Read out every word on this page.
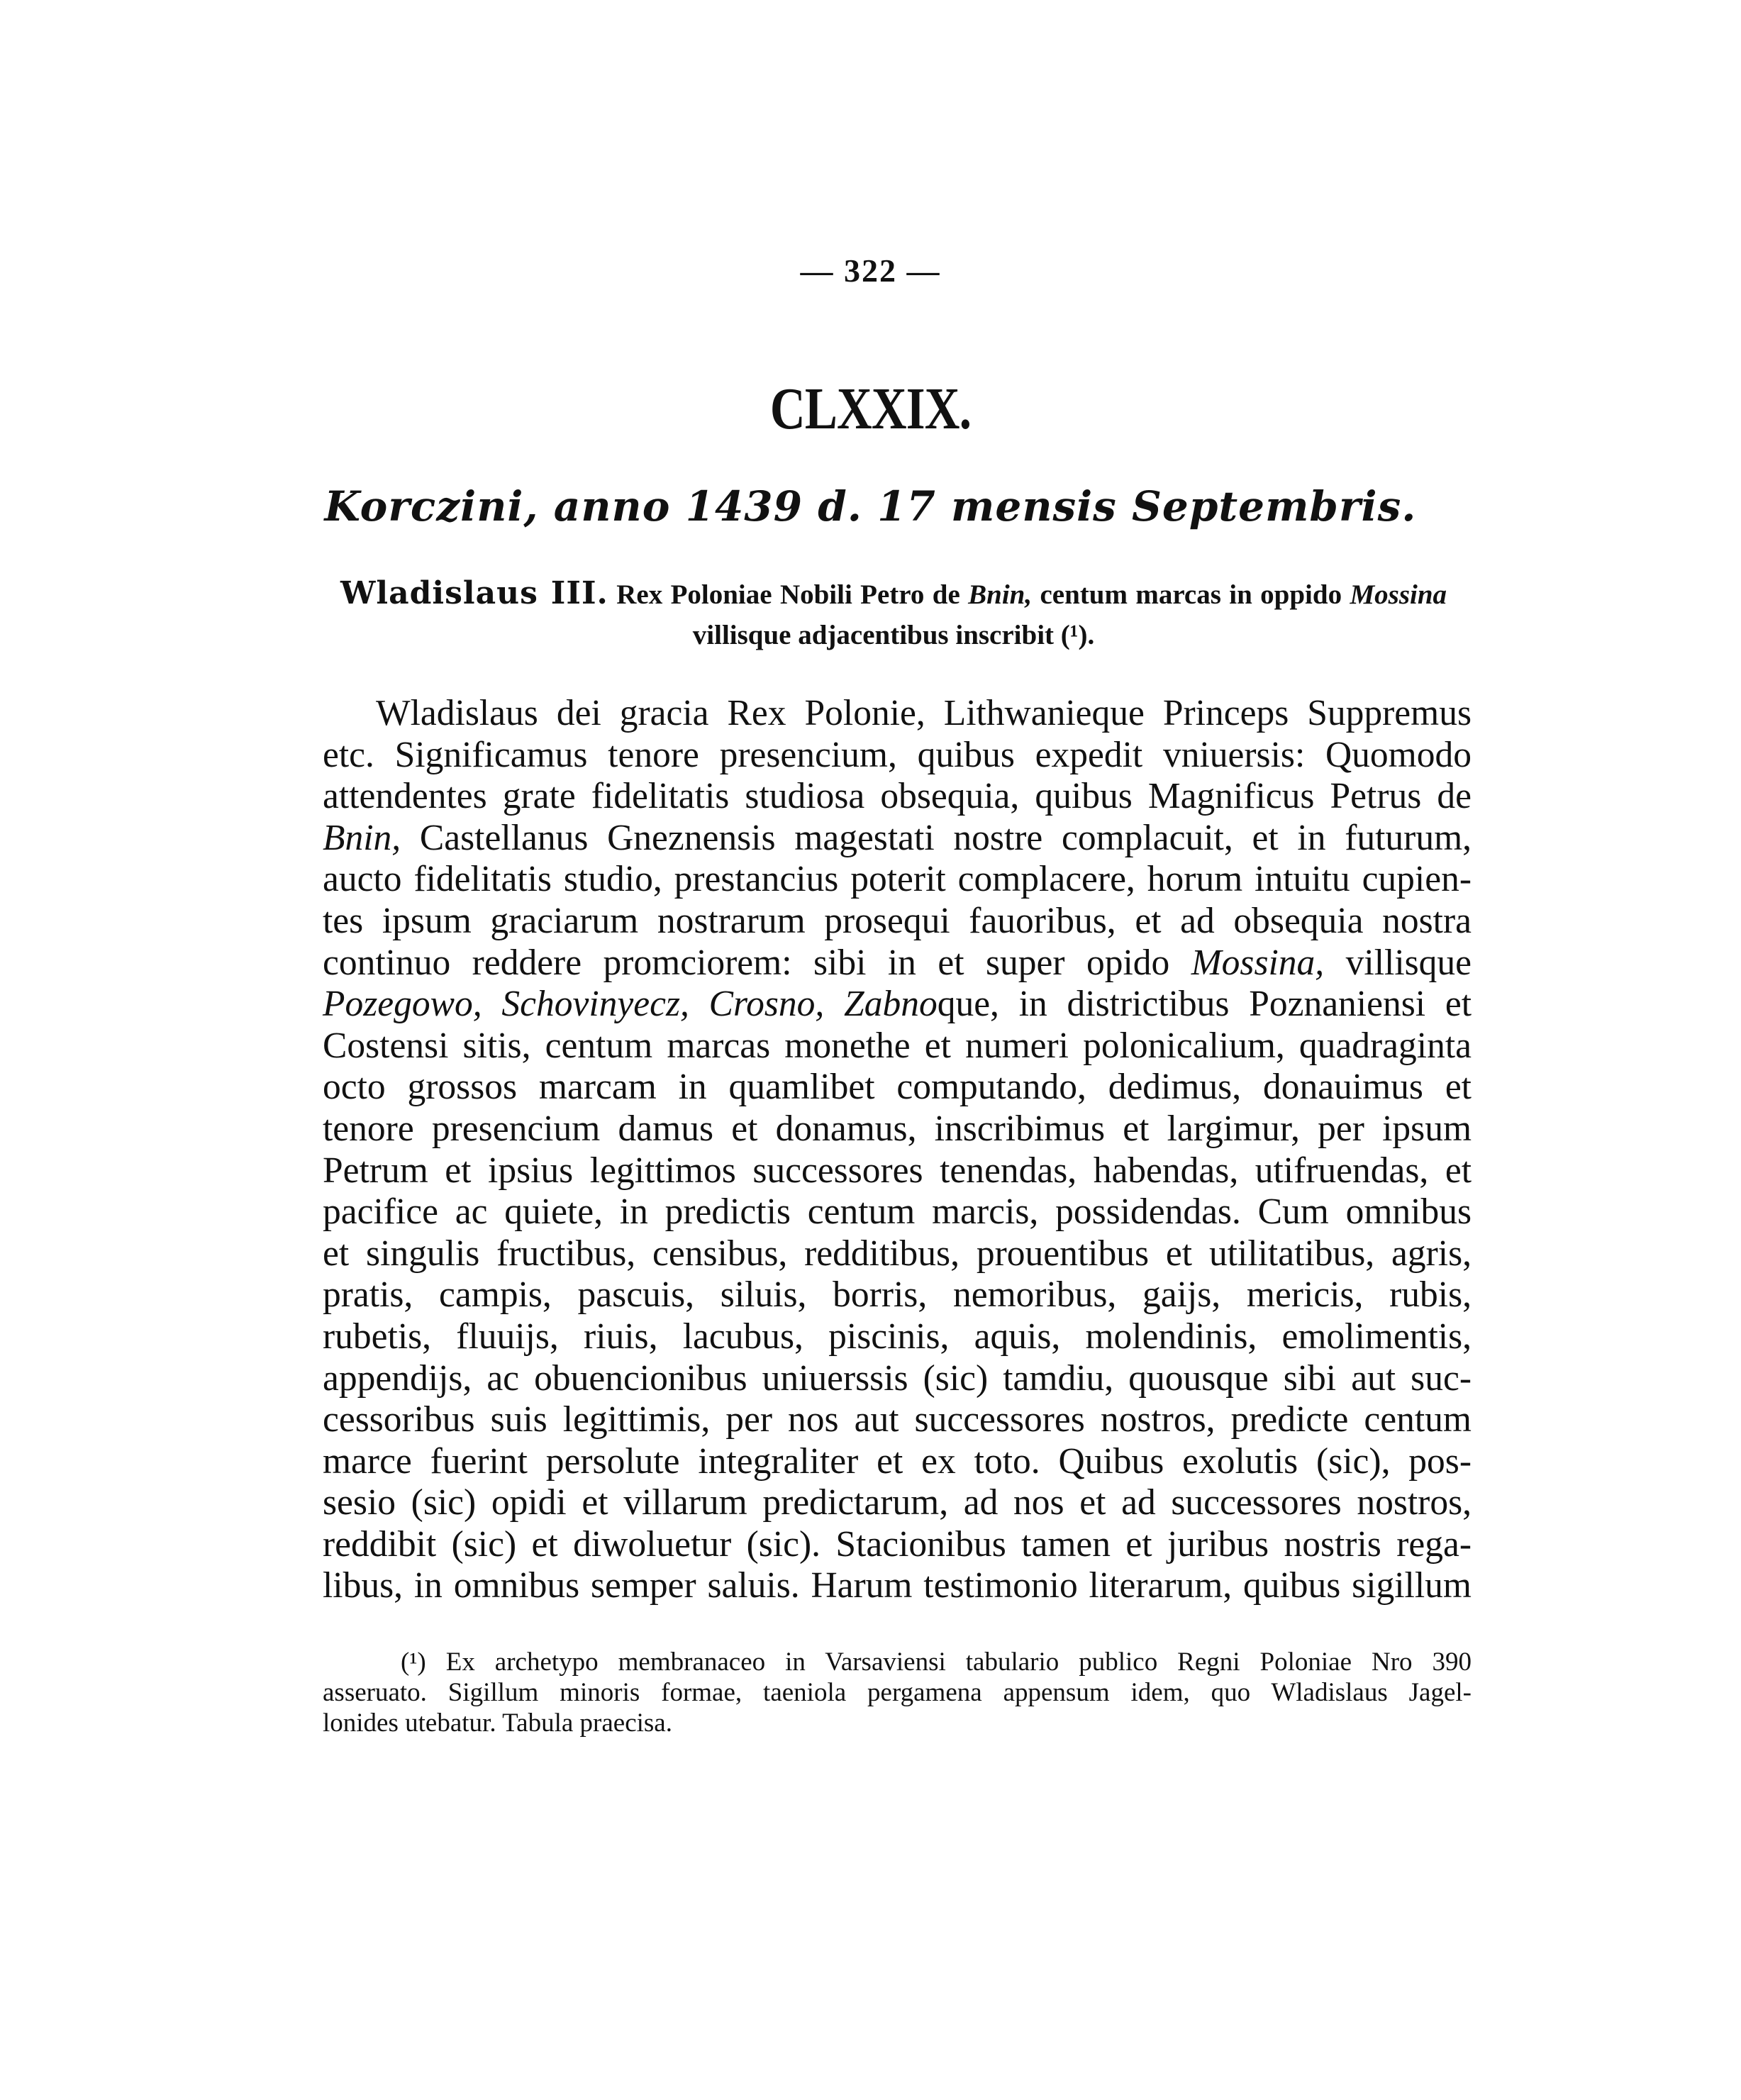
— 322 —
CLXXIX.
Korczini, anno 1439 d. 17 mensis Septembris.
Wladislaus III. Rex Poloniae Nobili Petro de Bnin, centum marcas in oppido Mossina villisque adjacentibus inscribit (¹).
Wladislaus dei gracia Rex Polonie, Lithwanieque Princeps Suppremus
etc. Significamus tenore presencium, quibus expedit vniuersis: Quomodo
attendentes grate fidelitatis studiosa obsequia, quibus Magnificus Petrus de
Bnin, Castellanus Gneznensis magestati nostre complacuit, et in futurum,
aucto fidelitatis studio, prestancius poterit complacere, horum intuitu cupien-
tes ipsum graciarum nostrarum prosequi fauoribus, et ad obsequia nostra
continuo reddere promciorem: sibi in et super opido Mossina, villisque
Pozegowo, Schovinyecz, Crosno, Zabnoque, in districtibus Poznaniensi et
Costensi sitis, centum marcas monethe et numeri polonicalium, quadraginta
octo grossos marcam in quamlibet computando, dedimus, donauimus et
tenore presencium damus et donamus, inscribimus et largimur, per ipsum
Petrum et ipsius legittimos successores tenendas, habendas, utifruendas, et
pacifice ac quiete, in predictis centum marcis, possidendas. Cum omnibus
et singulis fructibus, censibus, redditibus, prouentibus et utilitatibus, agris,
pratis, campis, pascuis, siluis, borris, nemoribus, gaijs, mericis, rubis,
rubetis, fluuijs, riuis, lacubus, piscinis, aquis, molendinis, emolimentis,
appendijs, ac obuencionibus uniuerssis (sic) tamdiu, quousque sibi aut suc-
cessoribus suis legittimis, per nos aut successores nostros, predicte centum
marce fuerint persolute integraliter et ex toto. Quibus exolutis (sic), pos-
sesio (sic) opidi et villarum predictarum, ad nos et ad successores nostros,
reddibit (sic) et diwoluetur (sic). Stacionibus tamen et juribus nostris rega-
libus, in omnibus semper saluis. Harum testimonio literarum, quibus sigillum
(¹) Ex archetypo membranaceo in Varsaviensi tabulario publico Regni Poloniae Nro 390
asseruato. Sigillum minoris formae, taeniola pergamena appensum idem, quo Wladislaus Jagel-
lonides utebatur. Tabula praecisa.
